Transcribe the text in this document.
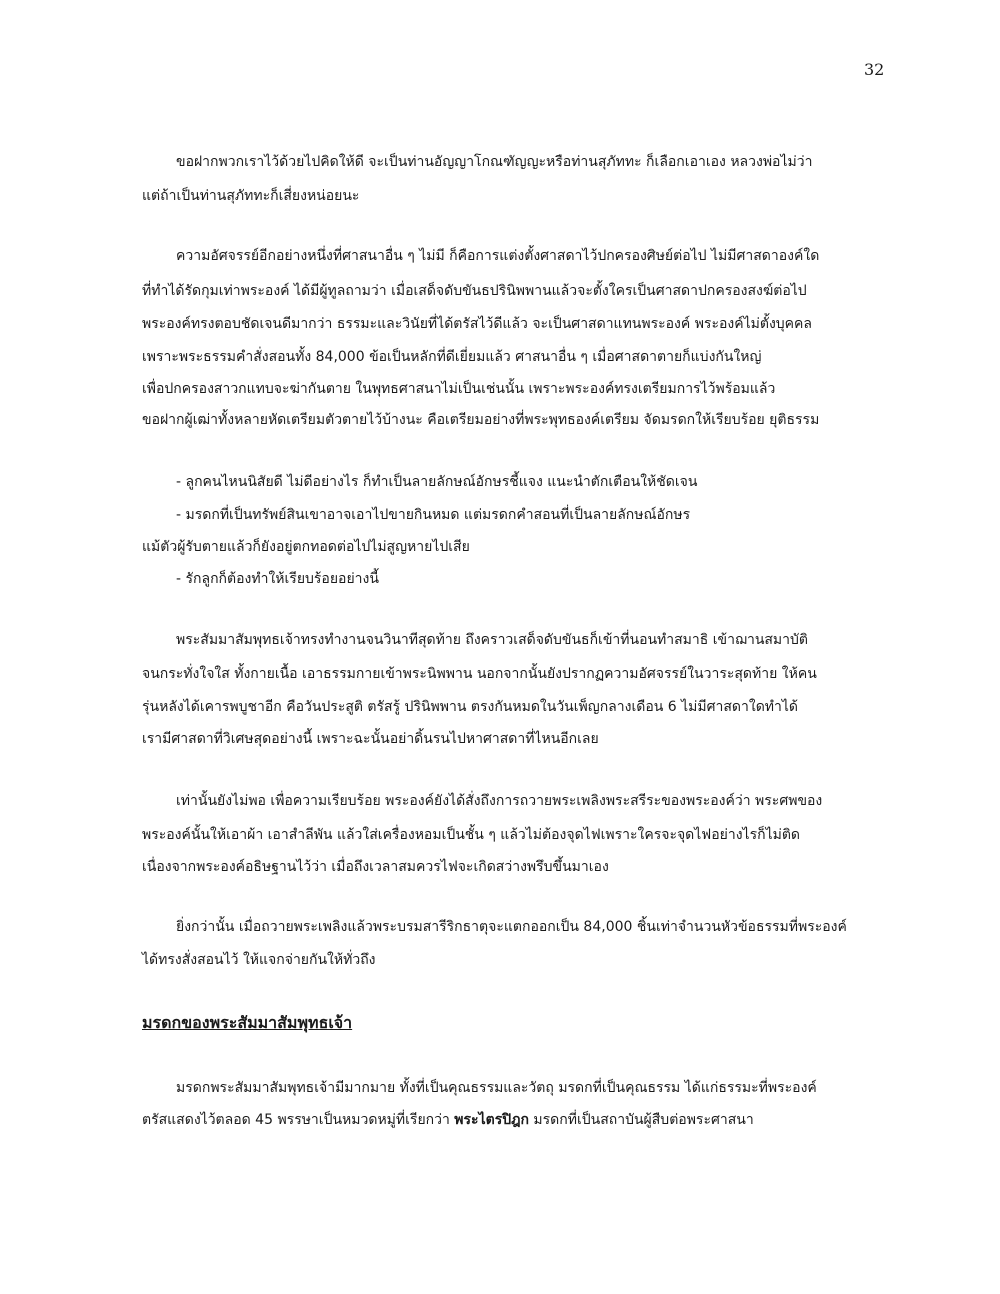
32
ขอฝากพวกเราไว้ด้วยไปคิดให้ดี จะเป็นท่านอัญญาโกณฑัญญะหรือท่านสุภัททะ ก็เลือกเอาเอง หลวงพ่อไม่ว่า
แต่ถ้าเป็นท่านสุภัททะก็เสี่ยงหน่อยนะ
ความอัศจรรย์อีกอย่างหนึ่งที่ศาสนาอื่น ๆ ไม่มี ก็คือการแต่งตั้งศาสดาไว้ปกครองศิษย์ต่อไป ไม่มีศาสดาองค์ใด
ที่ทำได้รัดกุมเท่าพระองค์ ได้มีผู้ทูลถามว่า เมื่อเสด็จดับขันธปรินิพพานแล้วจะตั้งใครเป็นศาสดาปกครองสงฆ์ต่อไป
พระองค์ทรงตอบชัดเจนดีมากว่า ธรรมะและวินัยที่ได้ตรัสไว้ดีแล้ว จะเป็นศาสดาแทนพระองค์ พระองค์ไม่ตั้งบุคคล
เพราะพระธรรมคำสั่งสอนทั้ง 84,000 ข้อเป็นหลักที่ดีเยี่ยมแล้ว ศาสนาอื่น ๆ เมื่อศาสดาตายก็แบ่งกันใหญ่
เพื่อปกครองสาวกแทบจะฆ่ากันตาย ในพุทธศาสนาไม่เป็นเช่นนั้น เพราะพระองค์ทรงเตรียมการไว้พร้อมแล้ว
ขอฝากผู้เฒ่าทั้งหลายหัดเตรียมตัวตายไว้บ้างนะ คือเตรียมอย่างที่พระพุทธองค์เตรียม จัดมรดกให้เรียบร้อย ยุติธรรม
- ลูกคนไหนนิสัยดี ไม่ดีอย่างไร ก็ทำเป็นลายลักษณ์อักษรชี้แจง แนะนำตักเตือนให้ชัดเจน
- มรดกที่เป็นทรัพย์สินเขาอาจเอาไปขายกินหมด แต่มรดกคำสอนที่เป็นลายลักษณ์อักษร
แม้ตัวผู้รับตายแล้วก็ยังอยู่ตกทอดต่อไปไม่สูญหายไปเสีย
- รักลูกก็ต้องทำให้เรียบร้อยอย่างนี้
พระสัมมาสัมพุทธเจ้าทรงทำงานจนวินาทีสุดท้าย ถึงคราวเสด็จดับขันธก็เข้าที่นอนทำสมาธิ เข้าฌานสมาบัติ
จนกระทั่งใจใส ทั้งกายเนื้อ เอาธรรมกายเข้าพระนิพพาน นอกจากนั้นยังปรากฏความอัศจรรย์ในวาระสุดท้าย ให้คน
รุ่นหลังได้เคารพบูชาอีก คือวันประสูติ ตรัสรู้ ปรินิพพาน ตรงกันหมดในวันเพ็ญกลางเดือน 6 ไม่มีศาสดาใดทำได้
เรามีศาสดาที่วิเศษสุดอย่างนี้ เพราะฉะนั้นอย่าดิ้นรนไปหาศาสดาที่ไหนอีกเลย
เท่านั้นยังไม่พอ เพื่อความเรียบร้อย พระองค์ยังได้สั่งถึงการถวายพระเพลิงพระสรีระของพระองค์ว่า พระศพของ
พระองค์นั้นให้เอาผ้า เอาสำลีพัน แล้วใส่เครื่องหอมเป็นชั้น ๆ แล้วไม่ต้องจุดไฟเพราะใครจะจุดไฟอย่างไรก็ไม่ติด
เนื่องจากพระองค์อธิษฐานไว้ว่า เมื่อถึงเวลาสมควรไฟจะเกิดสว่างพรึบขึ้นมาเอง
ยิ่งกว่านั้น เมื่อถวายพระเพลิงแล้วพระบรมสารีริกธาตุจะแตกออกเป็น 84,000 ชิ้นเท่าจำนวนหัวข้อธรรมที่พระองค์
ได้ทรงสั่งสอนไว้ ให้แจกจ่ายกันให้ทั่วถึง
มรดกของพระสัมมาสัมพุทธเจ้า
มรดกพระสัมมาสัมพุทธเจ้ามีมากมาย ทั้งที่เป็นคุณธรรมและวัตถุ มรดกที่เป็นคุณธรรม ได้แก่ธรรมะที่พระองค์
ตรัสแสดงไว้ตลอด 45 พรรษาเป็นหมวดหมู่ที่เรียกว่า พระไตรปิฎก มรดกที่เป็นสถาบันผู้สืบต่อพระศาสนา
